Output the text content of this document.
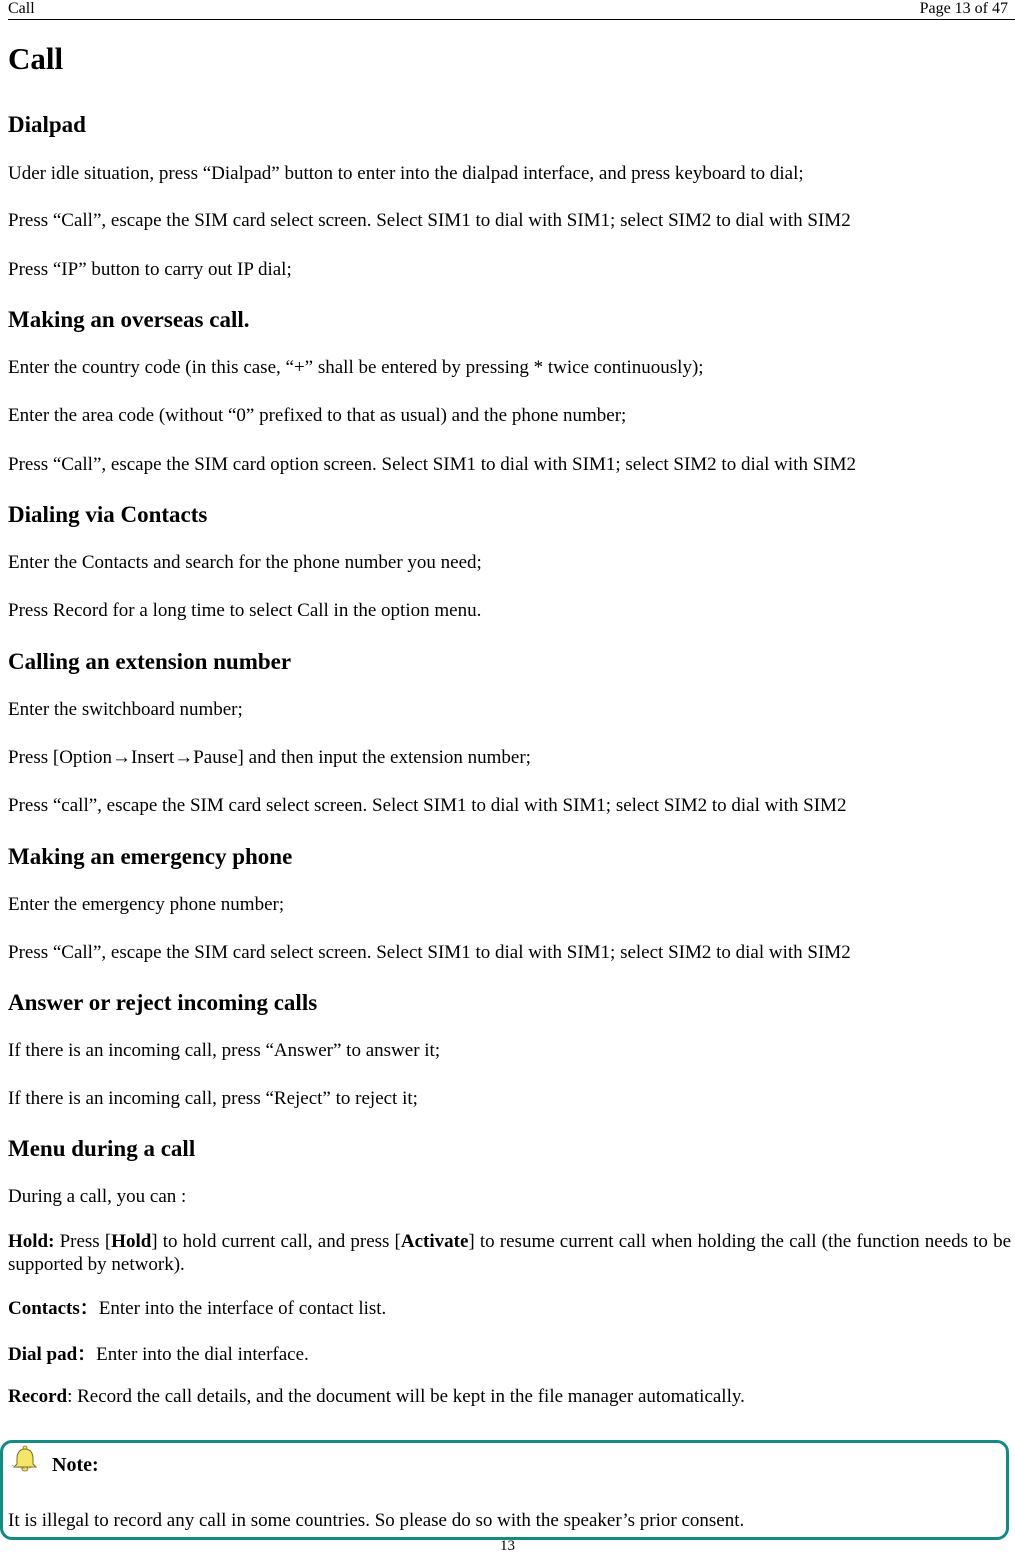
Call	Page 13 of 47
Call
Dialpad

Uder idle situation, press “Dialpad” button to enter into the dialpad interface, and press keyboard to dial;

Press “Call”, escape the SIM card select screen. Select SIM1 to dial with SIM1; select SIM2 to dial with SIM2

Press “IP” button to carry out IP dial;

Making an overseas call.

Enter the country code (in this case, “+” shall be entered by pressing * twice continuously);

Enter the area code (without “0” prefixed to that as usual) and the phone number;

Press “Call”, escape the SIM card option screen. Select SIM1 to dial with SIM1; select SIM2 to dial with SIM2

Dialing via Contacts

Enter the Contacts and search for the phone number you need;

Press Record for a long time to select Call in the option menu.

Calling an extension number

Enter the switchboard number;

Press [Option→Insert→Pause] and then input the extension number;

Press “call”, escape the SIM card select screen. Select SIM1 to dial with SIM1; select SIM2 to dial with SIM2

Making an emergency phone

Enter the emergency phone number;

Press “Call”, escape the SIM card select screen. Select SIM1 to dial with SIM1; select SIM2 to dial with SIM2

Answer or reject incoming calls

If there is an incoming call, press “Answer” to answer it;

If there is an incoming call, press “Reject” to reject it;

Menu during a call

During a call, you can :

Hold: Press [Hold] to hold current call, and press [Activate] to resume current call when holding the call (the function needs to be supported by network).

Contacts：Enter into the interface of contact list.

Dial pad：Enter into the dial interface.

Record: Record the call details, and the document will be kept in the file manager automatically.

Note:

It is illegal to record any call in some countries. So please do so with the speaker’s prior consent.

13
